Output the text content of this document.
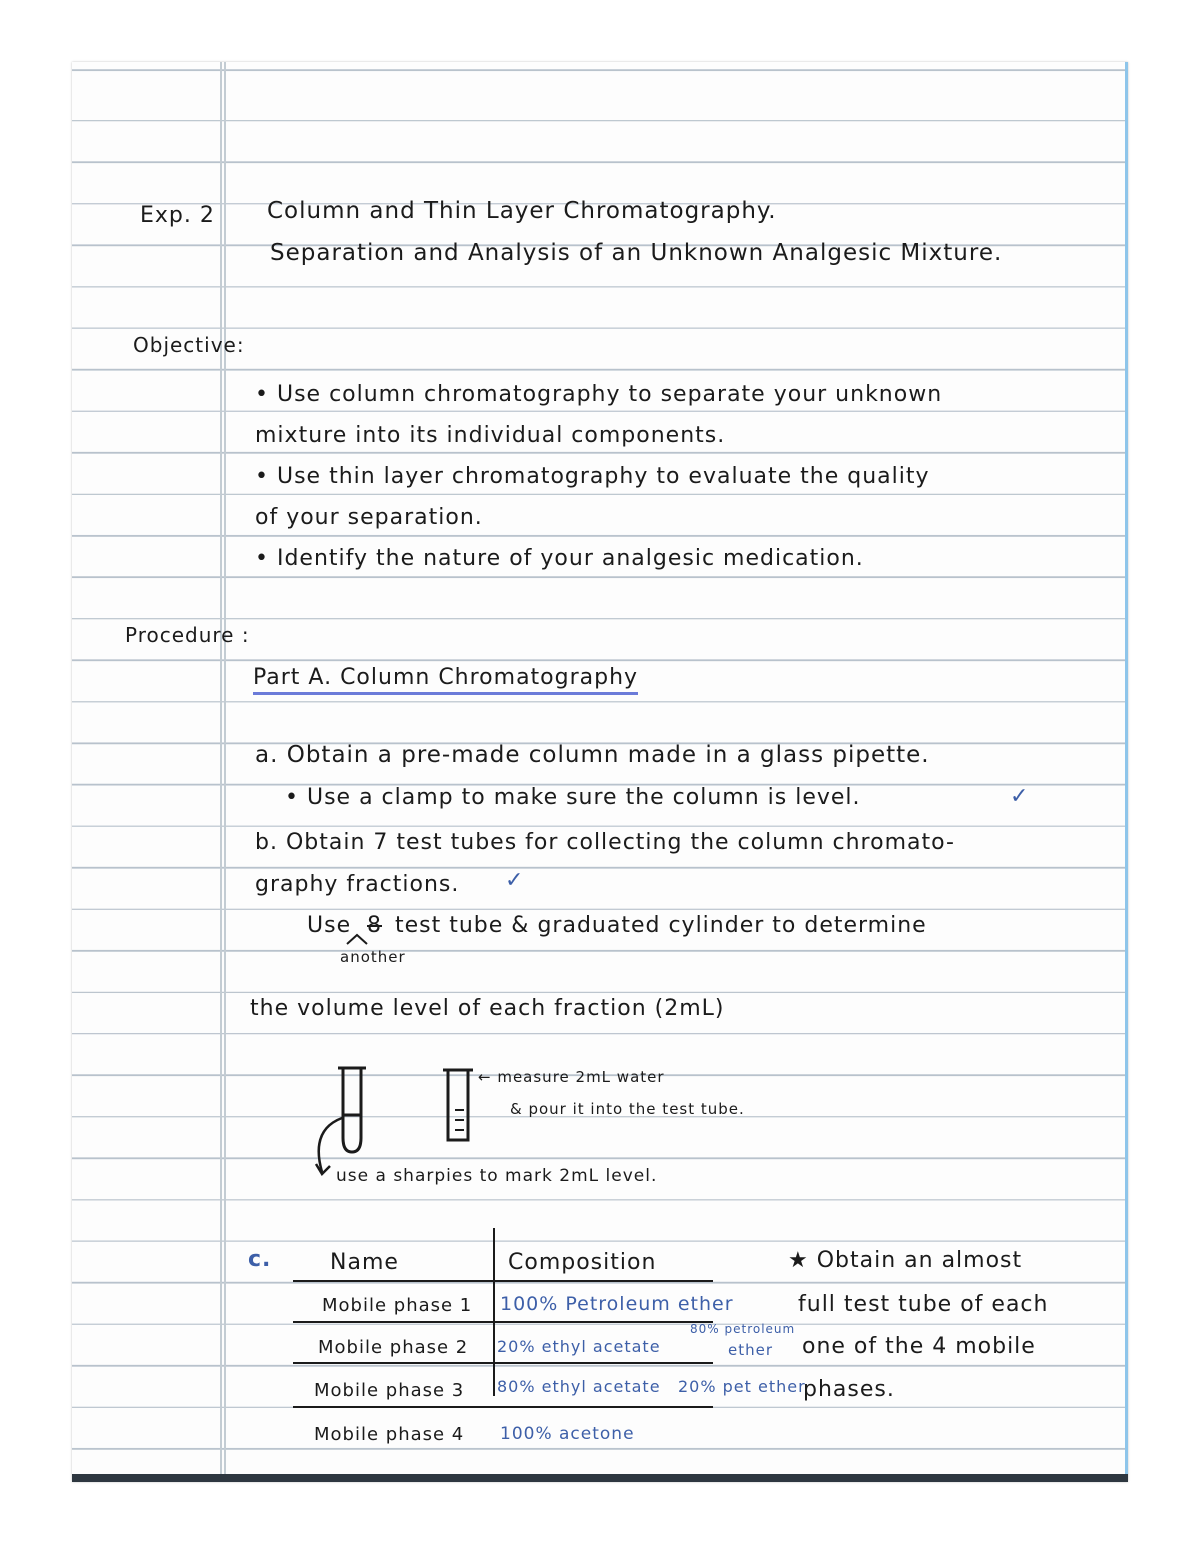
Exp. 2 Column and Thin Layer Chromatography.

Separation and Analysis of an Unknown Analgesic Mixture.

Objective:

• Use column chromatography to separate your unknown

mixture into its individual components.

• Use thin layer chromatography to evaluate the quality

of your separation.

• Identify the nature of your analgesic medication.

Procedure :

Part A. Column Chromatography

a. Obtain a pre-made column made in a glass pipette.

• Use a clamp to make sure the column is level.	✓

b. Obtain 7 test tubes for collecting the column chromato-

graphy fractions. ✓

Use 8 test tube & graduated cylinder to determine

another

the volume level of each fraction (2mL)

← measure 2mL water

& pour it into the test tube.

use a sharpies to mark 2mL level.

c.	Name	Composition

Mobile phase 1 100% Petroleum ether

Mobile phase 2 20% ethyl acetate

80% petroleum

ether

Mobile phase 3 80% ethyl acetate 20% pet ether

Mobile phase 4 100% acetone

★ Obtain an almost

full test tube of each

one of the 4 mobile

phases.
